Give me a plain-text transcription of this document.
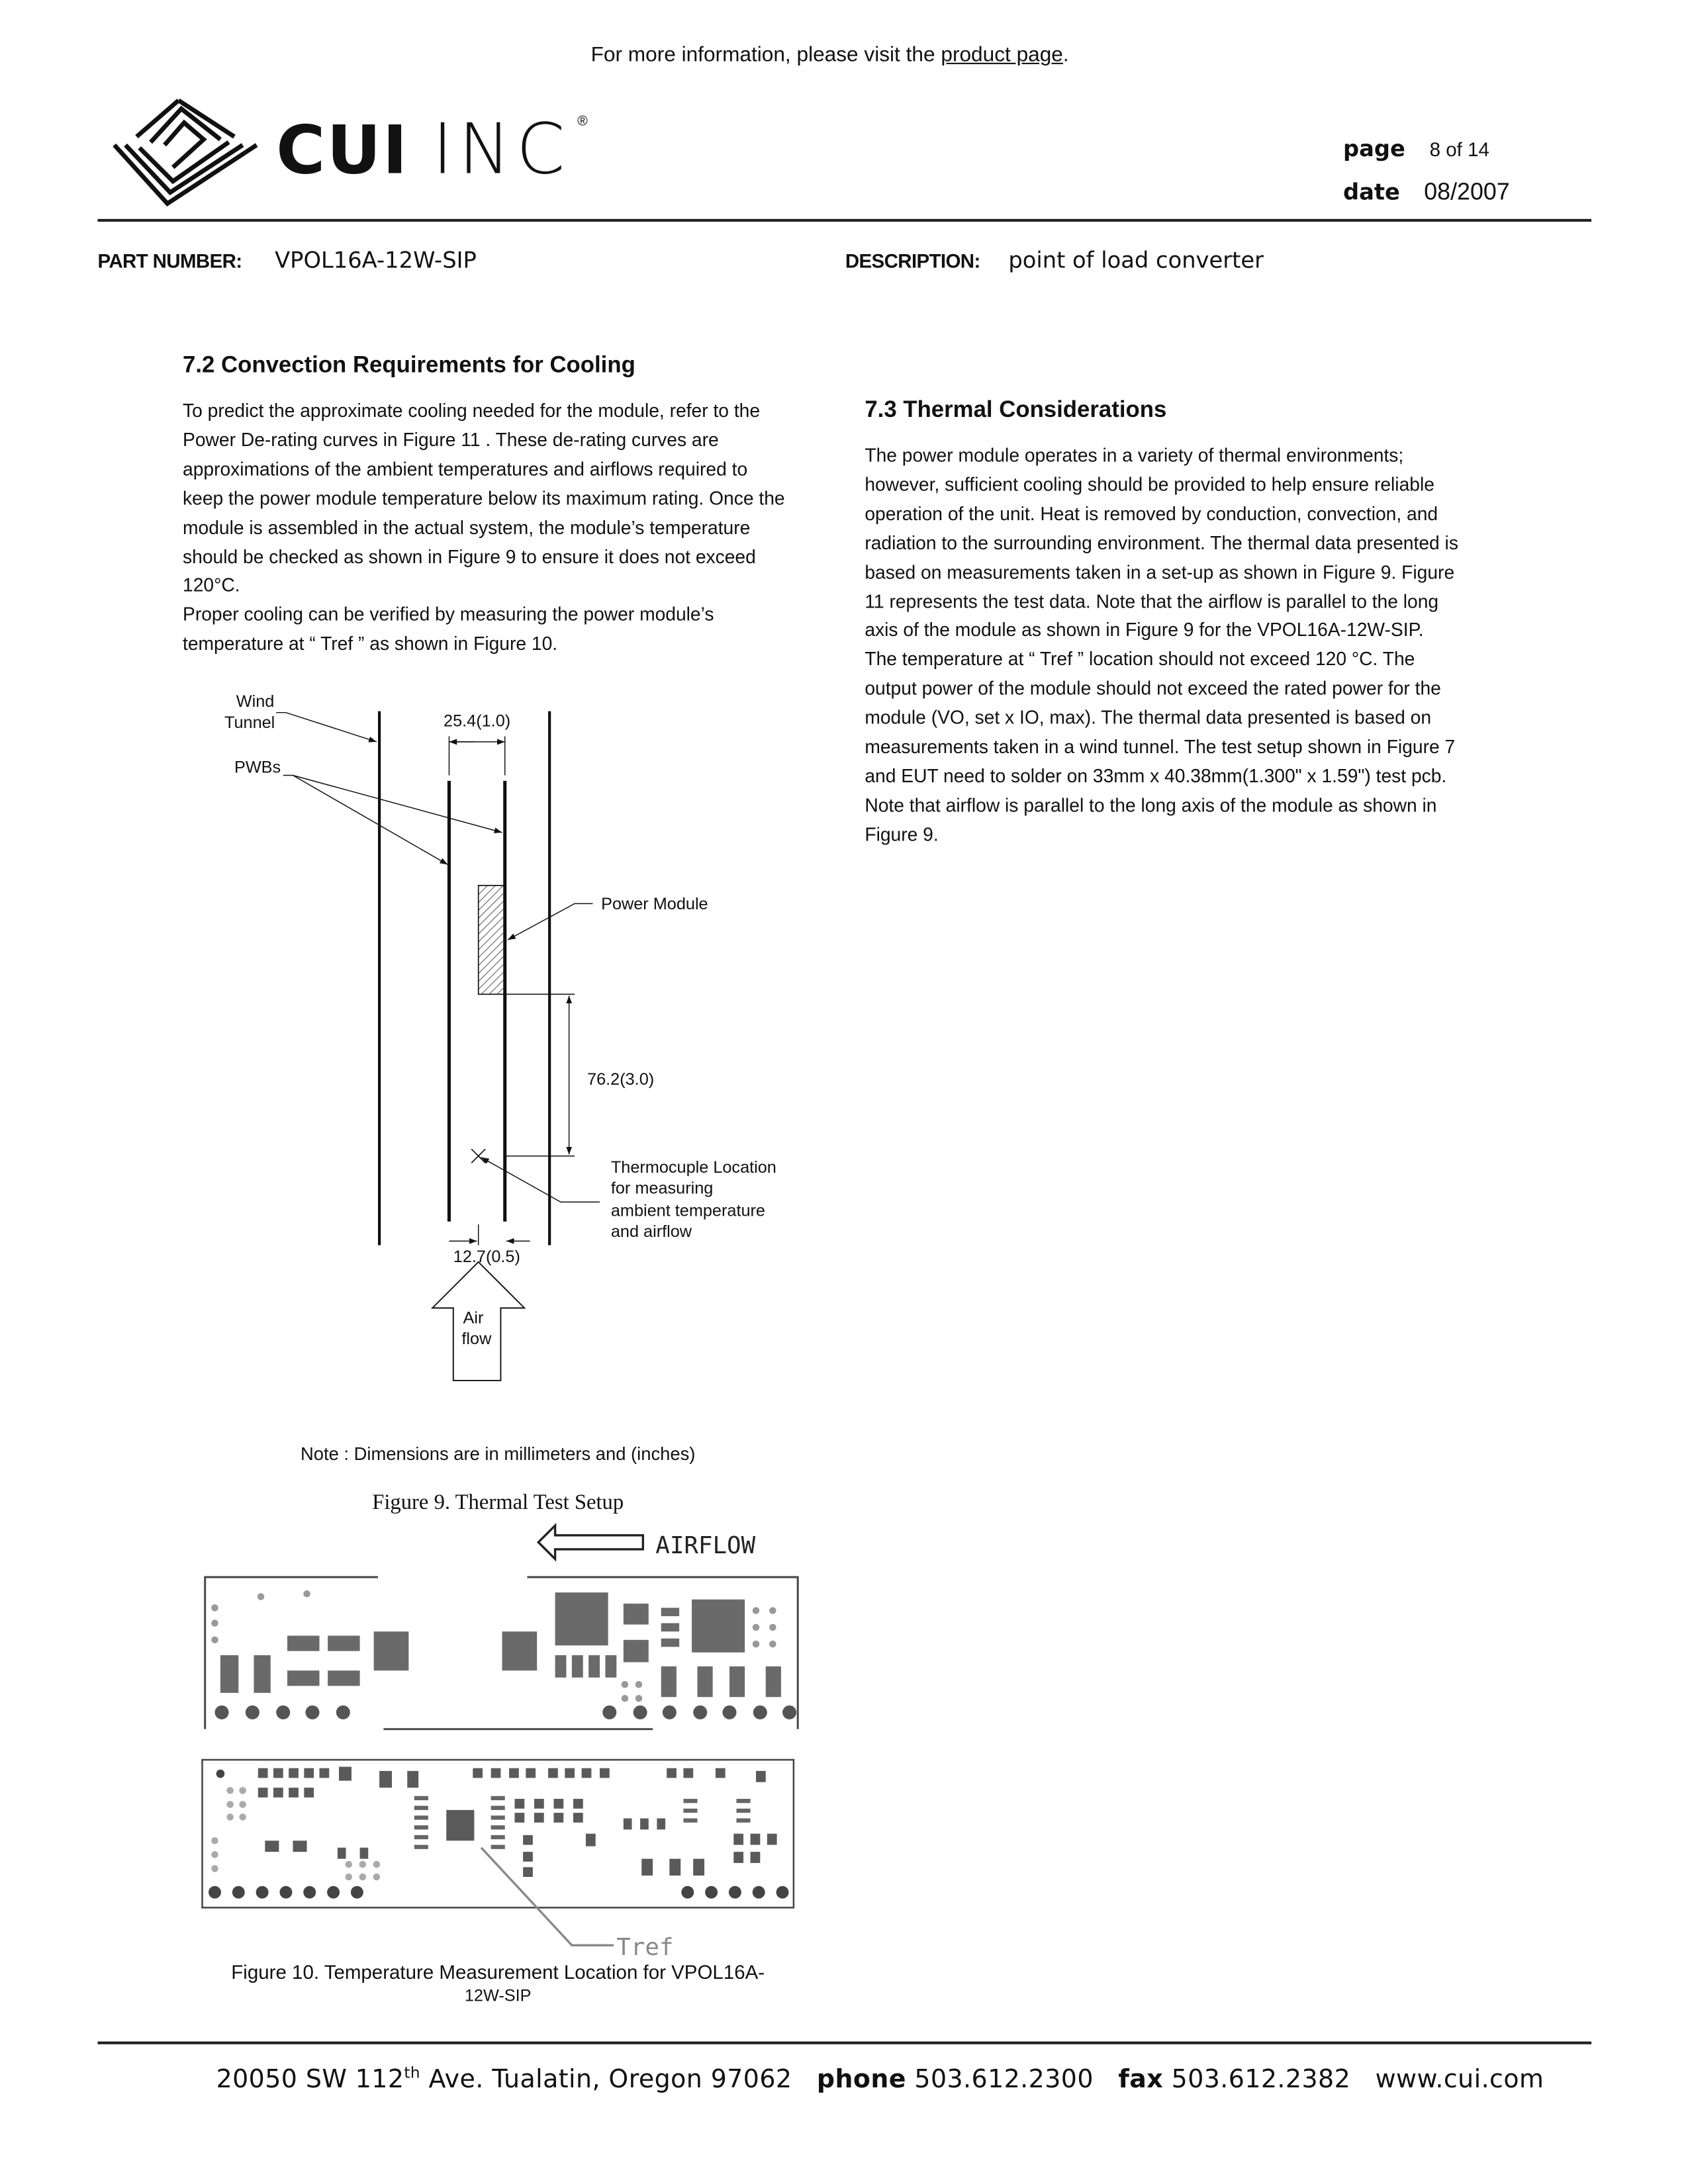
For more information, please visit the product page.
CUI INC ®
page	8 of 14
date 08/2007
PART NUMBER:	VPOL16A-12W-SIP	DESCRIPTION:	point of load converter
7.2 Convection Requirements for Cooling
To predict the approximate cooling needed for the module, refer to the
Power De-rating curves in Figure 11 . These de-rating curves are
approximations of the ambient temperatures and airflows required to
keep the power module temperature below its maximum rating. Once the
module is assembled in the actual system, the module’s temperature
should be checked as shown in Figure 9 to ensure it does not exceed
120°C.
Proper cooling can be verified by measuring the power module’s
temperature at “ Tref ” as shown in Figure 10.
7.3 Thermal Considerations
The power module operates in a variety of thermal environments;
however, sufficient cooling should be provided to help ensure reliable
operation of the unit. Heat is removed by conduction, convection, and
radiation to the surrounding environment. The thermal data presented is
based on measurements taken in a set-up as shown in Figure 9. Figure
11 represents the test data. Note that the airflow is parallel to the long
axis of the module as shown in Figure 9 for the VPOL16A-12W-SIP.
The temperature at “ Tref ” location should not exceed 120 °C. The
output power of the module should not exceed the rated power for the
module (VO, set x IO, max). The thermal data presented is based on
measurements taken in a wind tunnel. The test setup shown in Figure 7
and EUT need to solder on 33mm x 40.38mm(1.300" x 1.59") test pcb.
Note that airflow is parallel to the long axis of the module as shown in
Figure 9.
Wind
Tunnel
PWBs
25.4(1.0)
Power Module
76.2(3.0)
Thermocuple Location
for measuring
ambient temperature
and airflow
12.7(0.5)
Air
flow
Note : Dimensions are in millimeters and (inches)
Figure 9. Thermal Test Setup
AIRFLOW
Tref
Figure 10. Temperature Measurement Location for VPOL16A-
12W-SIP
20050 SW 112th Ave. Tualatin, Oregon 97062 phone 503.612.2300 fax 503.612.2382 www.cui.com
